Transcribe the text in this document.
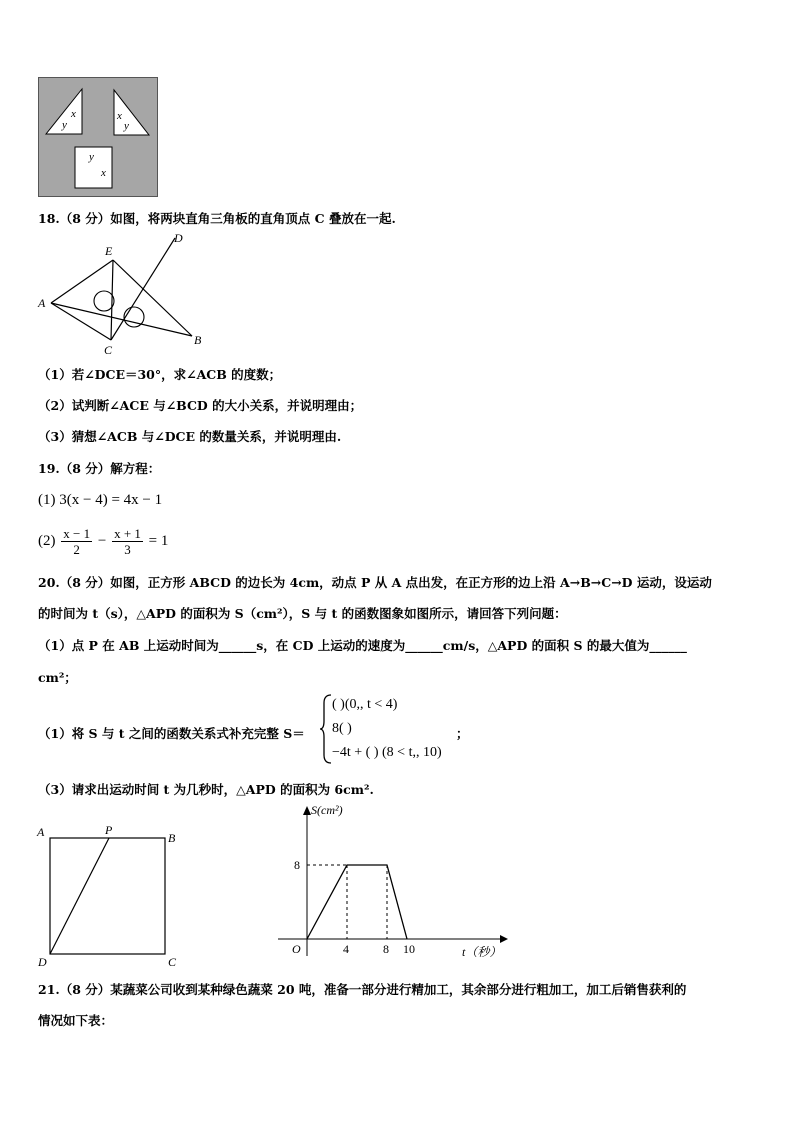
x
y
x
y
y
x
18.（8 分）如图，将两块直角三角板的直角顶点 C 叠放在一起.
A
B
C
D
E
（1）若∠DCE＝30°，求∠ACB 的度数；
（2）试判断∠ACE 与∠BCD 的大小关系，并说明理由；
（3）猜想∠ACB 与∠DCE 的数量关系，并说明理由.
19.（8 分）解方程：
(1) 3(x − 4) = 4x − 1
$(2) \frac{x - 1}{2} - \frac{x + 1}{3} = 1$
20.（8 分）如图，正方形 ABCD 的边长为 4cm，动点 P 从 A 点出发，在正方形的边上沿 A→B→C→D 运动，设运动
的时间为 t（s），△APD 的面积为 S（cm²），S 与 t 的函数图象如图所示，请回答下列问题：
（1）点 P 在 AB 上运动时间为______s，在 CD 上运动的速度为______cm/s，△APD 的面积 S 的最大值为______
cm²；
（1）将 S 与 t 之间的函数关系式补充完整 S＝
( )(0,, t < 4)
8( )
−4t + ( ) (8 < t,, 10)
；
（3）请求出运动时间 t 为几秒时，△APD 的面积为 6cm².
A	P
B
D	C
4	8 10
8
S(cm²)
t（秒）
O
21.（8 分）某蔬菜公司收到某种绿色蔬菜 20 吨，准备一部分进行精加工，其余部分进行粗加工，加工后销售获利的
情况如下表：
